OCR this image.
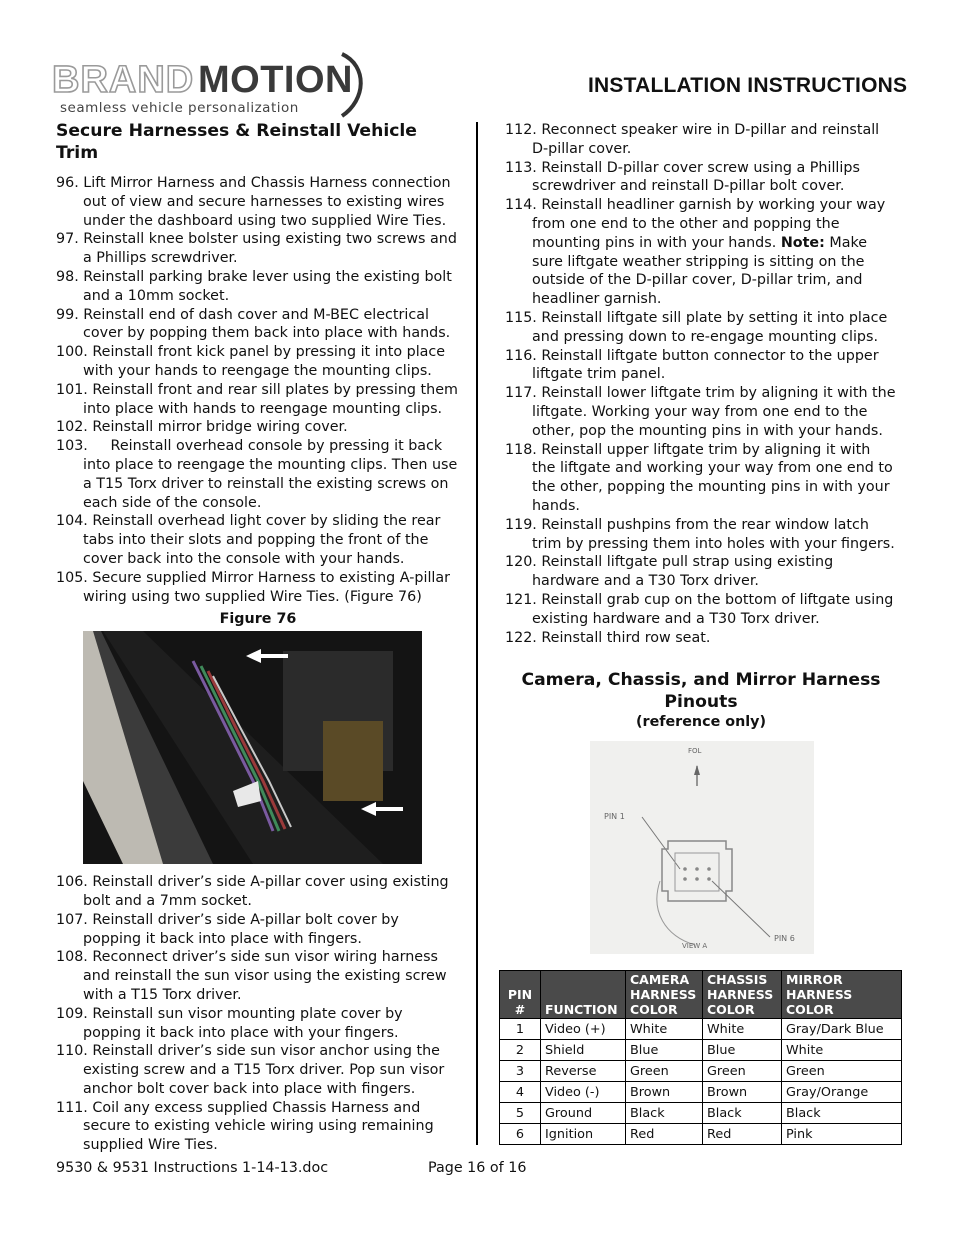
BRAND MOTION
seamless vehicle personalization
INSTALLATION INSTRUCTIONS
Secure Harnesses & Reinstall Vehicle Trim
96. Lift Mirror Harness and Chassis Harness connection out of view and secure harnesses to existing wires under the dashboard using two supplied Wire Ties.
97. Reinstall knee bolster using existing two screws and a Phillips screwdriver.
98. Reinstall parking brake lever using the existing bolt and a 10mm socket.
99. Reinstall end of dash cover and M-BEC electrical cover by popping them back into place with hands.
100. Reinstall front kick panel by pressing it into place with your hands to reengage the mounting clips.
101. Reinstall front and rear sill plates by pressing them into place with hands to reengage mounting clips.
102. Reinstall mirror bridge wiring cover.
103.     Reinstall overhead console by pressing it back into place to reengage the mounting clips. Then use a T15 Torx driver to reinstall the existing screws on each side of the console.
104. Reinstall overhead light cover by sliding the rear tabs into their slots and popping the front of the cover back into the console with your hands.
105. Secure supplied Mirror Harness to existing A-pillar wiring using two supplied Wire Ties. (Figure 76)
Figure 76
106. Reinstall driver’s side A-pillar cover using existing bolt and a 7mm socket.
107. Reinstall driver’s side A-pillar bolt cover by popping it back into place with fingers.
108. Reconnect driver’s side sun visor wiring harness and reinstall the sun visor using the existing screw with a T15 Torx driver.
109. Reinstall sun visor mounting plate cover by popping it back into place with your fingers.
110. Reinstall driver’s side sun visor anchor using the existing screw and a T15 Torx driver. Pop sun visor anchor bolt cover back into place with fingers.
111. Coil any excess supplied Chassis Harness and secure to existing vehicle wiring using remaining supplied Wire Ties.
112. Reconnect speaker wire in D-pillar and reinstall D-pillar cover.
113. Reinstall D-pillar cover screw using a Phillips screwdriver and reinstall D-pillar bolt cover.
114. Reinstall headliner garnish by working your way from one end to the other and popping the mounting pins in with your hands. Note: Make sure liftgate weather stripping is sitting on the outside of the D-pillar cover, D-pillar trim, and headliner garnish.
115. Reinstall liftgate sill plate by setting it into place and pressing down to re-engage mounting clips.
116. Reinstall liftgate button connector to the upper liftgate trim panel.
117. Reinstall lower liftgate trim by aligning it with the liftgate. Working your way from one end to the other, pop the mounting pins in with your hands.
118. Reinstall upper liftgate trim by aligning it with the liftgate and working your way from one end to the other, popping the mounting pins in with your hands.
119. Reinstall pushpins from the rear window latch trim by pressing them into holes with your fingers.
120. Reinstall liftgate pull strap using existing hardware and a T30 Torx driver.
121. Reinstall grab cup on the bottom of liftgate using existing hardware and a T30 Torx driver.
122. Reinstall third row seat.
Camera, Chassis, and Mirror Harness Pinouts
(reference only)
FOL
PIN 1
PIN 6
VIEW A
PIN #	FUNCTION	CAMERA HARNESS COLOR	CHASSIS HARNESS COLOR	MIRROR HARNESS COLOR
1	Video (+)	White	White	Gray/Dark Blue
2	Shield	Blue	Blue	White
3	Reverse	Green	Green	Green
4	Video (-)	Brown	Brown	Gray/Orange
5	Ground	Black	Black	Black
6	Ignition	Red	Red	Pink
9530 & 9531 Instructions 1-14-13.doc	Page 16 of 16
